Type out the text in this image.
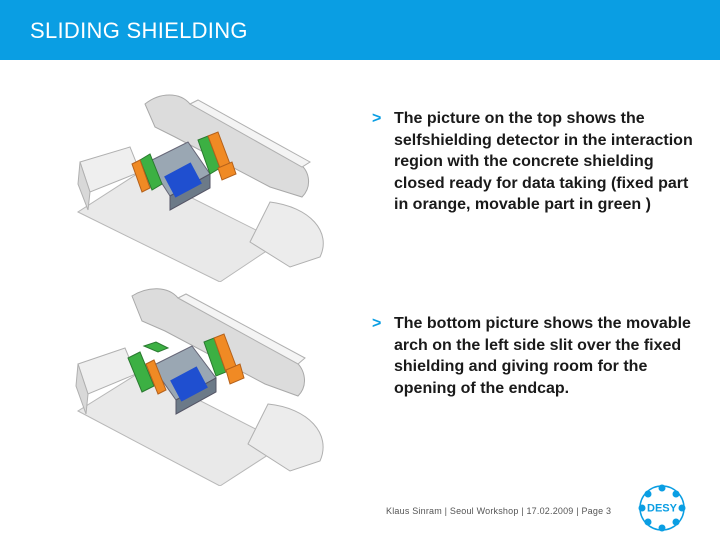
SLIDING SHIELDING
> The picture on the top shows the selfshielding detector in the interaction region with the concrete shielding closed ready for data taking (fixed part in orange, movable part in green )
> The bottom picture shows the movable arch on the left side slit over the fixed shielding and giving room for the opening of the endcap.
Klaus Sinram | Seoul Workshop | 17.02.2009 | Page 3	DESY
